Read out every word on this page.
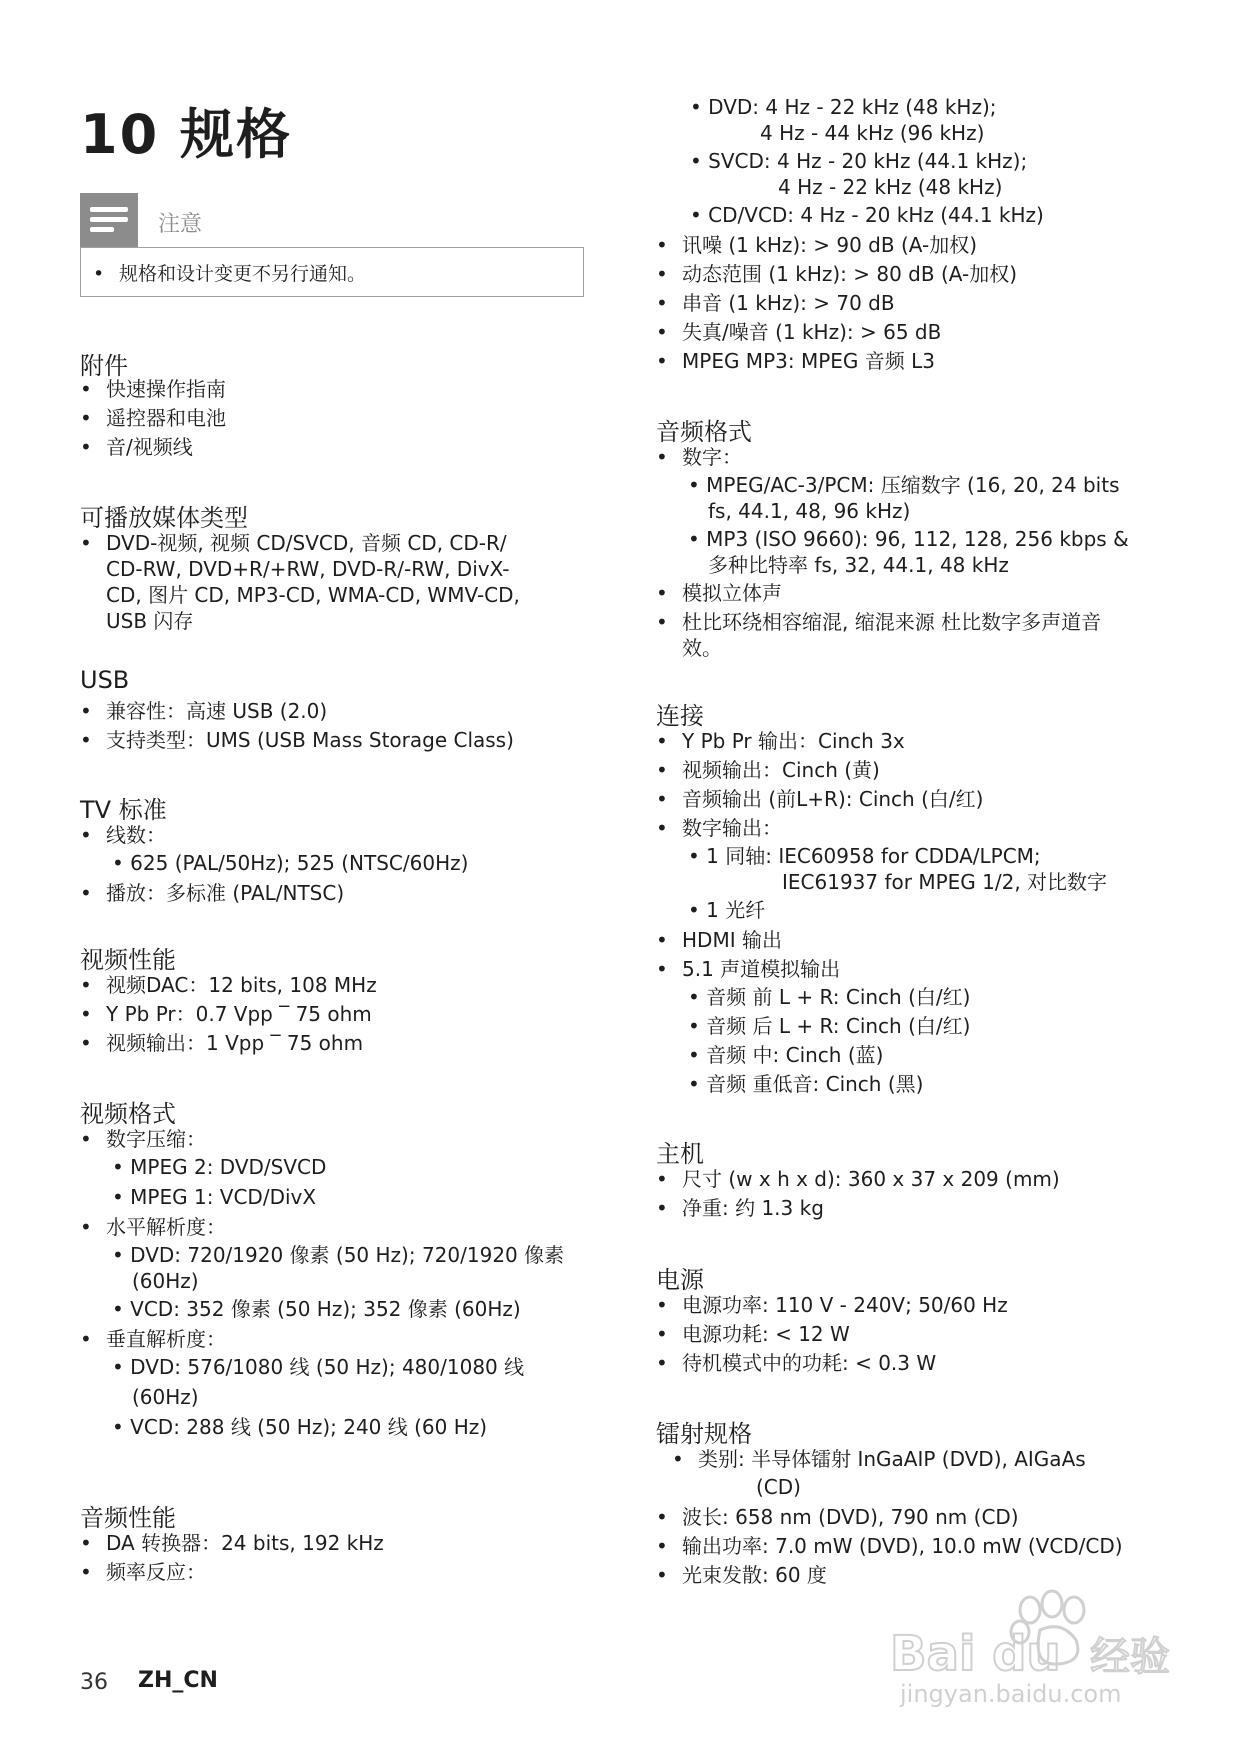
10 规格
注意
• 规格和设计变更不另行通知。
附件
• 快速操作指南
• 遥控器和电池
• 音/视频线
可播放媒体类型
• DVD-视频, 视频 CD/SVCD, 音频 CD, CD-R/
CD-RW, DVD+R/+RW, DVD-R/-RW, DivX-
CD, 图片 CD, MP3-CD, WMA-CD, WMV-CD,
USB 闪存
USB
• 兼容性：高速 USB (2.0)
• 支持类型：UMS (USB Mass Storage Class)
TV 标准
• 线数：
• 625 (PAL/50Hz); 525 (NTSC/60Hz)
• 播放：多标准 (PAL/NTSC)
视频性能
• 视频DAC：12 bits, 108 MHz
• Y Pb Pr：0.7 Vpp ‾ 75 ohm
• 视频输出：1 Vpp ‾ 75 ohm
视频格式
• 数字压缩：
• MPEG 2: DVD/SVCD
• MPEG 1: VCD/DivX
• 水平解析度：
• DVD: 720/1920 像素 (50 Hz); 720/1920 像素
(60Hz)
• VCD: 352 像素 (50 Hz); 352 像素 (60Hz)
• 垂直解析度：
• DVD: 576/1080 线 (50 Hz); 480/1080 线
(60Hz)
• VCD: 288 线 (50 Hz); 240 线 (60 Hz)
音频性能
• DA 转换器：24 bits, 192 kHz
• 频率反应：
• DVD: 4 Hz - 22 kHz (48 kHz);
4 Hz - 44 kHz (96 kHz)
• SVCD: 4 Hz - 20 kHz (44.1 kHz);
4 Hz - 22 kHz (48 kHz)
• CD/VCD: 4 Hz - 20 kHz (44.1 kHz)
• 讯噪 (1 kHz): > 90 dB (A-加权)
• 动态范围 (1 kHz): > 80 dB (A-加权)
• 串音 (1 kHz): > 70 dB
• 失真/噪音 (1 kHz): > 65 dB
• MPEG MP3: MPEG 音频 L3
音频格式
• 数字：
• MPEG/AC-3/PCM: 压缩数字 (16, 20, 24 bits
fs, 44.1, 48, 96 kHz)
• MP3 (ISO 9660): 96, 112, 128, 256 kbps &
多种比特率 fs, 32, 44.1, 48 kHz
• 模拟立体声
• 杜比环绕相容缩混, 缩混来源 杜比数字多声道音
效。
连接
• Y Pb Pr 输出：Cinch 3x
• 视频输出：Cinch (黄)
• 音频输出 (前L+R): Cinch (白/红)
• 数字输出：
• 1 同轴: IEC60958 for CDDA/LPCM;
IEC61937 for MPEG 1/2, 对比数字
• 1 光纤
• HDMI 输出
• 5.1 声道模拟输出
• 音频 前 L + R: Cinch (白/红)
• 音频 后 L + R: Cinch (白/红)
• 音频 中: Cinch (蓝)
• 音频 重低音: Cinch (黑)
主机
• 尺寸 (w x h x d): 360 x 37 x 209 (mm)
• 净重: 约 1.3 kg
电源
• 电源功率: 110 V - 240V; 50/60 Hz
• 电源功耗: < 12 W
• 待机模式中的功耗: < 0.3 W
镭射规格
• 类别: 半导体镭射 InGaAIP (DVD), AIGaAs
(CD)
• 波长: 658 nm (DVD), 790 nm (CD)
• 输出功率: 7.0 mW (DVD), 10.0 mW (VCD/CD)
• 光束发散: 60 度
36 ZH_CN	Bai du 经验
jingyan.baidu.com
